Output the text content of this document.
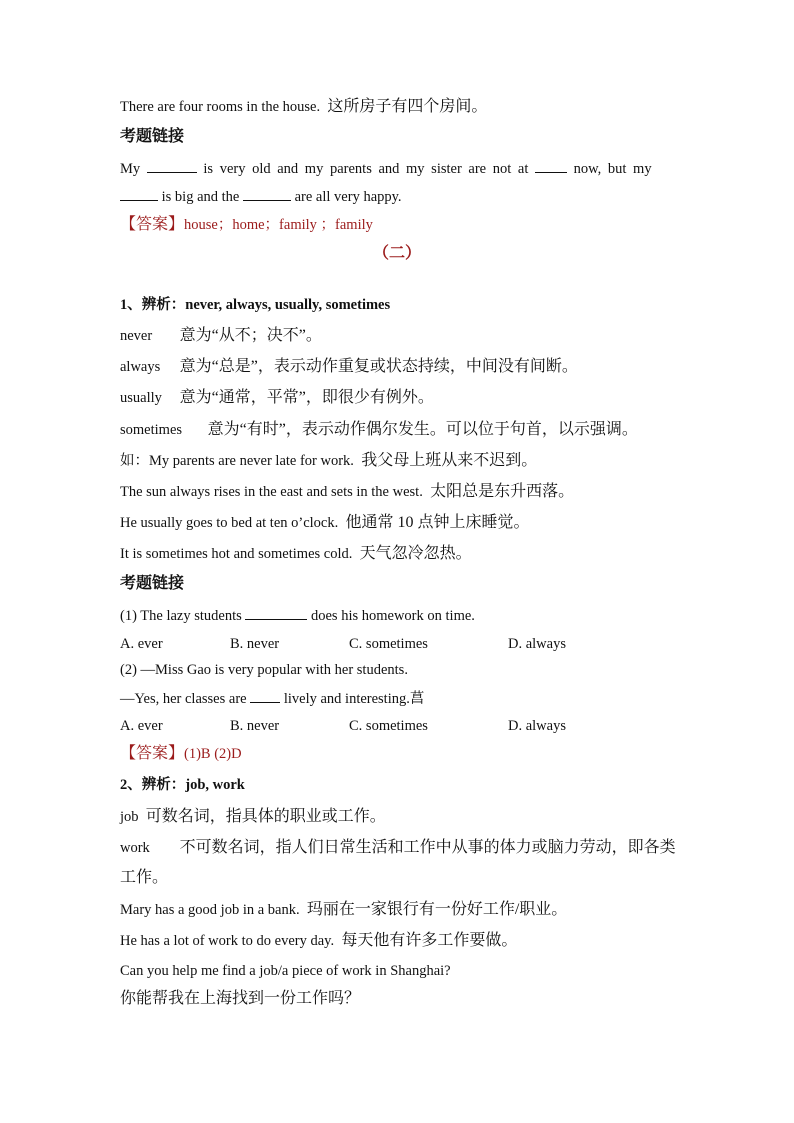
There are four rooms in the house. 这所房子有四个房间。
考题链接
My	is very old and my parents and my sister are not at	now, but my
is big and the	are all very happy.
【答案】house；home；family ；family
（二）
1、辨析：never, always, usually, sometimes
never 意为“从不；决不”。
always 意为“总是”，表示动作重复或状态持续，中间没有间断。
usually 意为“通常，平常”，即很少有例外。
sometimes 意为“有时”，表示动作偶尔发生。可以位于句首，以示强调。
如：My parents are never late for work. 我父母上班从来不迟到。
The sun always rises in the east and sets in the west. 太阳总是东升西落。
He usually goes to bed at ten o’clock. 他通常 10 点钟上床睡觉。
It is sometimes hot and sometimes cold. 天气忽冷忽热。
考题链接
(1) The lazy students	does his homework on time.
A. ever	B. never	C. sometimes	D. always
(2) —Miss Gao is very popular with her students.
—Yes, her classes are	lively and interesting.菖
A. ever	B. never	C. sometimes	D. always
【答案】(1)B (2)D
2、辨析：job, work
job 可数名词，指具体的职业或工作。
work 不可数名词，指人们日常生活和工作中从事的体力或脑力劳动，即各类
工作。
Mary has a good job in a bank. 玛丽在一家银行有一份好工作/职业。
He has a lot of work to do every day. 每天他有许多工作要做。
Can you help me find a job/a piece of work in Shanghai?
你能帮我在上海找到一份工作吗？
